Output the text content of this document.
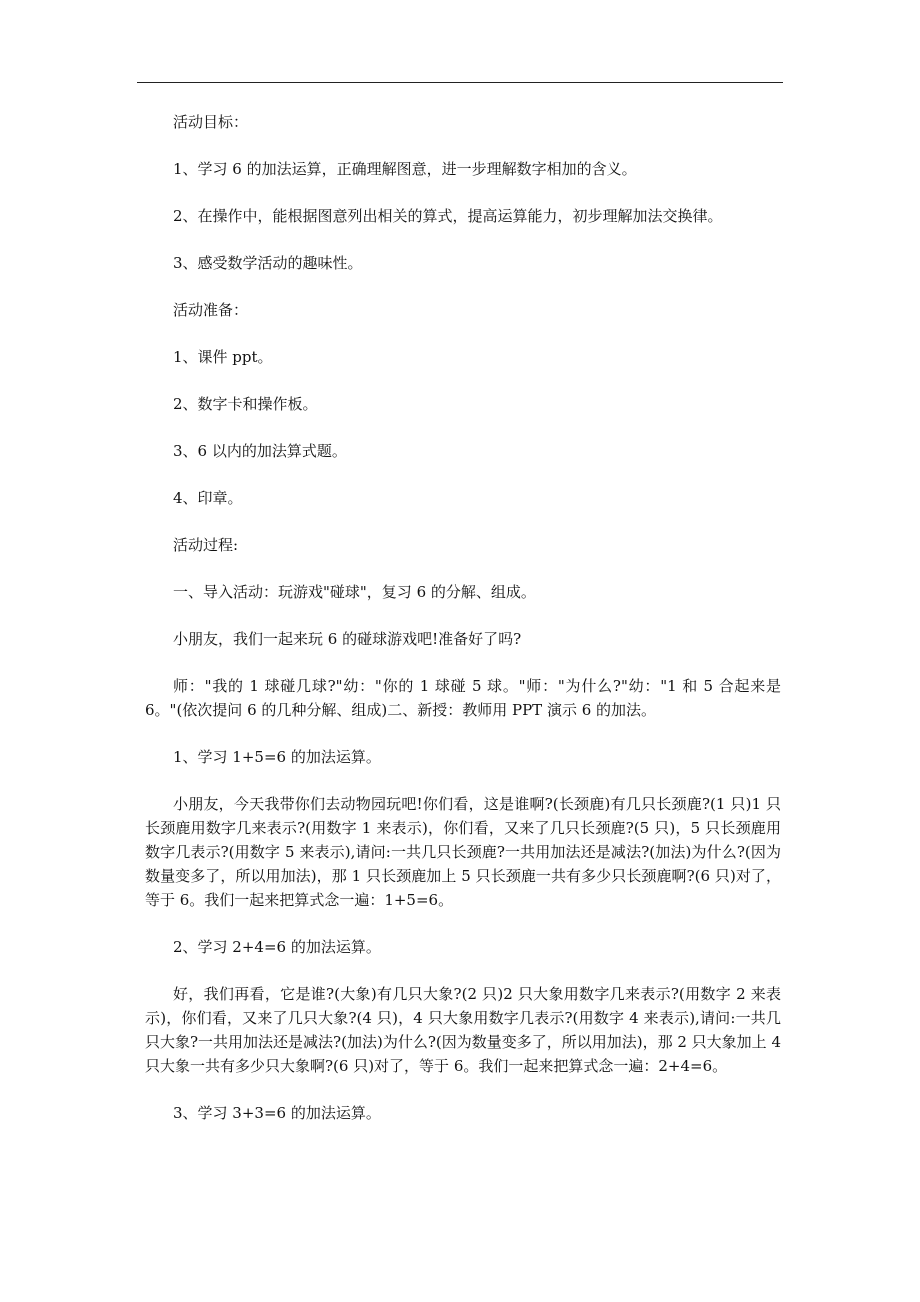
活动目标：

1、学习 6 的加法运算，正确理解图意，进一步理解数字相加的含义。

2、在操作中，能根据图意列出相关的算式，提高运算能力，初步理解加法交换律。

3、感受数学活动的趣味性。

活动准备：

1、课件 ppt。

2、数字卡和操作板。

3、6 以内的加法算式题。

4、印章。

活动过程:

一、导入活动：玩游戏"碰球"，复习 6 的分解、组成。

小朋友，我们一起来玩 6 的碰球游戏吧!准备好了吗?

师："我的 1 球碰几球?"幼："你的 1 球碰 5 球。"师："为什么?"幼："1 和 5 合起来是 6。"(依次提问 6 的几种分解、组成)二、新授：教师用 PPT 演示 6 的加法。

1、学习 1+5=6 的加法运算。

小朋友，今天我带你们去动物园玩吧!你们看，这是谁啊?(长颈鹿)有几只长颈鹿?(1 只)1 只长颈鹿用数字几来表示?(用数字 1 来表示)，你们看，又来了几只长颈鹿?(5 只)，5 只长颈鹿用数字几表示?(用数字 5 来表示),请问:一共几只长颈鹿?一共用加法还是减法?(加法)为什么?(因为数量变多了，所以用加法)，那 1 只长颈鹿加上 5 只长颈鹿一共有多少只长颈鹿啊?(6 只)对了，等于 6。我们一起来把算式念一遍：1+5=6。

2、学习 2+4=6 的加法运算。

好，我们再看，它是谁?(大象)有几只大象?(2 只)2 只大象用数字几来表示?(用数字 2 来表示)，你们看，又来了几只大象?(4 只)，4 只大象用数字几表示?(用数字 4 来表示),请问:一共几只大象?一共用加法还是减法?(加法)为什么?(因为数量变多了，所以用加法)，那 2 只大象加上 4 只大象一共有多少只大象啊?(6 只)对了，等于 6。我们一起来把算式念一遍：2+4=6。

3、学习 3+3=6 的加法运算。
